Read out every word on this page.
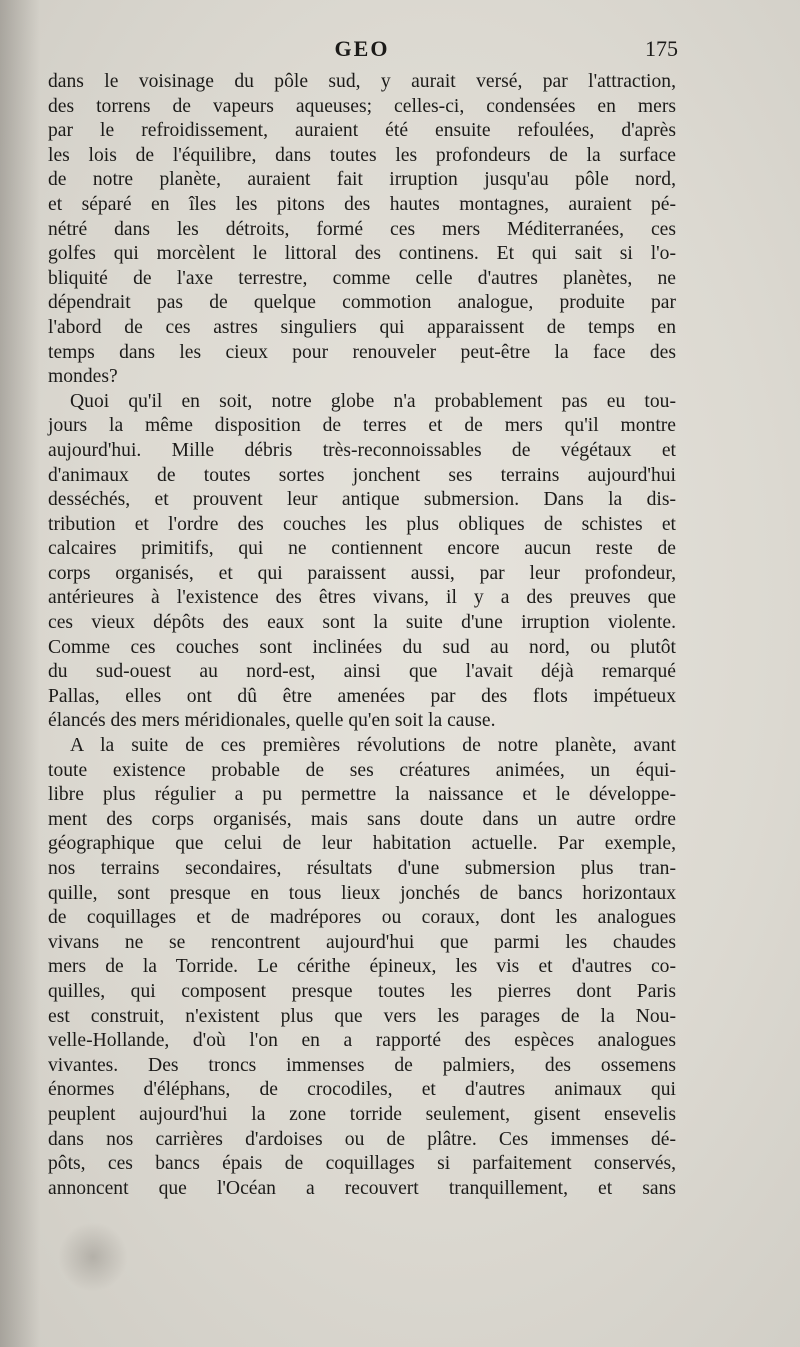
GEO	175
dans le voisinage du pôle sud, y aurait versé, par l'attraction,
des torrens de vapeurs aqueuses; celles-ci, condensées en mers
par le refroidissement, auraient été ensuite refoulées, d'après
les lois de l'équilibre, dans toutes les profondeurs de la surface
de notre planète, auraient fait irruption jusqu'au pôle nord,
et séparé en îles les pitons des hautes montagnes, auraient pé-
nétré dans les détroits, formé ces mers Méditerranées, ces
golfes qui morcèlent le littoral des continens. Et qui sait si l'o-
bliquité de l'axe terrestre, comme celle d'autres planètes, ne
dépendrait pas de quelque commotion analogue, produite par
l'abord de ces astres singuliers qui apparaissent de temps en
temps dans les cieux pour renouveler peut-être la face des
mondes?
Quoi qu'il en soit, notre globe n'a probablement pas eu tou-
jours la même disposition de terres et de mers qu'il montre
aujourd'hui. Mille débris très-reconnoissables de végétaux et
d'animaux de toutes sortes jonchent ses terrains aujourd'hui
desséchés, et prouvent leur antique submersion. Dans la dis-
tribution et l'ordre des couches les plus obliques de schistes et
calcaires primitifs, qui ne contiennent encore aucun reste de
corps organisés, et qui paraissent aussi, par leur profondeur,
antérieures à l'existence des êtres vivans, il y a des preuves que
ces vieux dépôts des eaux sont la suite d'une irruption violente.
Comme ces couches sont inclinées du sud au nord, ou plutôt
du sud-ouest au nord-est, ainsi que l'avait déjà remarqué
Pallas, elles ont dû être amenées par des flots impétueux
élancés des mers méridionales, quelle qu'en soit la cause.
A la suite de ces premières révolutions de notre planète, avant
toute existence probable de ses créatures animées, un équi-
libre plus régulier a pu permettre la naissance et le développe-
ment des corps organisés, mais sans doute dans un autre ordre
géographique que celui de leur habitation actuelle. Par exemple,
nos terrains secondaires, résultats d'une submersion plus tran-
quille, sont presque en tous lieux jonchés de bancs horizontaux
de coquillages et de madrépores ou coraux, dont les analogues
vivans ne se rencontrent aujourd'hui que parmi les chaudes
mers de la Torride. Le cérithe épineux, les vis et d'autres co-
quilles, qui composent presque toutes les pierres dont Paris
est construit, n'existent plus que vers les parages de la Nou-
velle-Hollande, d'où l'on en a rapporté des espèces analogues
vivantes. Des troncs immenses de palmiers, des ossemens
énormes d'éléphans, de crocodiles, et d'autres animaux qui
peuplent aujourd'hui la zone torride seulement, gisent ensevelis
dans nos carrières d'ardoises ou de plâtre. Ces immenses dé-
pôts, ces bancs épais de coquillages si parfaitement conservés,
annoncent que l'Océan a recouvert tranquillement, et sans
